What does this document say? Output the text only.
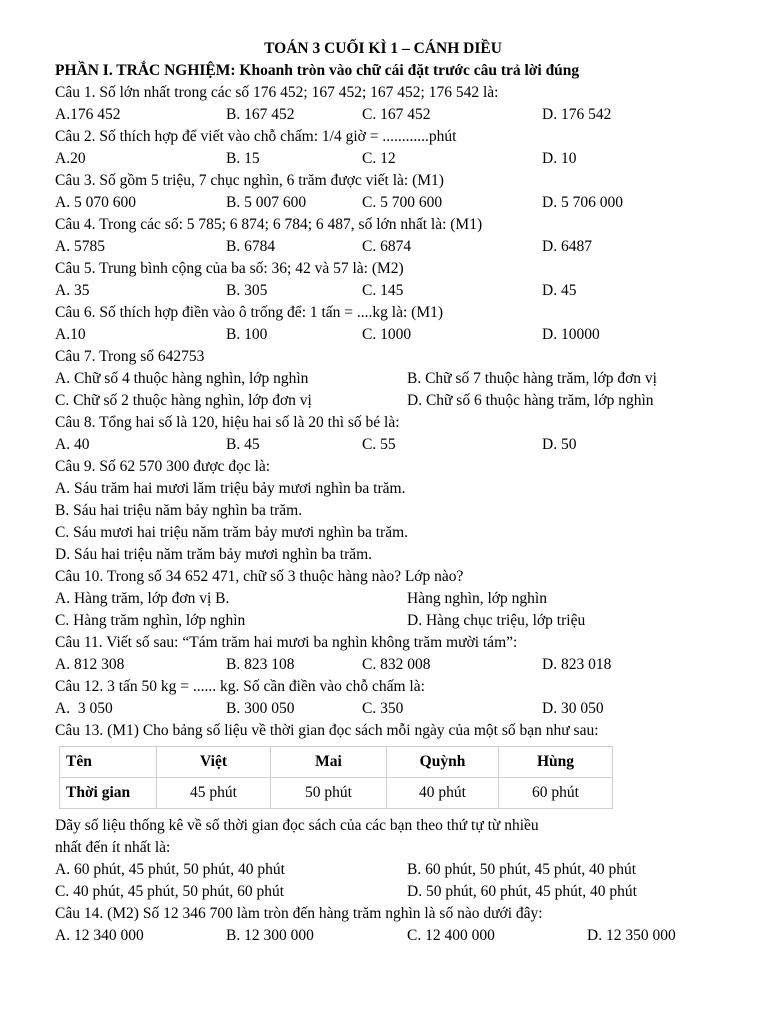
TOÁN 3 CUỐI KÌ 1 – CÁNH DIỀU
PHẦN I. TRẮC NGHIỆM: Khoanh tròn vào chữ cái đặt trước câu trả lời đúng
Câu 1. Số lớn nhất trong các số 176 452; 167 452; 167 452; 176 542 là:
A.176 452	B. 167 452	C. 167 452	D. 176 542
Câu 2. Số thích hợp để viết vào chỗ chấm: 1/4 giờ = ............phút
A.20	B. 15	C. 12	D. 10
Câu 3. Số gồm 5 triệu, 7 chục nghìn, 6 trăm được viết là: (M1)
A. 5 070 600	B. 5 007 600	C. 5 700 600	D. 5 706 000
Câu 4. Trong các số: 5 785; 6 874; 6 784; 6 487, số lớn nhất là: (M1)
A. 5785	B. 6784	C. 6874	D. 6487
Câu 5. Trung bình cộng của ba số: 36; 42 và 57 là: (M2)
A. 35	B. 305	C. 145	D. 45
Câu 6. Số thích hợp điền vào ô trống để: 1 tấn = ....kg là: (M1)
A.10	B. 100	C. 1000	D. 10000
Câu 7. Trong số 642753
A. Chữ số 4 thuộc hàng nghìn, lớp nghìn	B. Chữ số 7 thuộc hàng trăm, lớp đơn vị
C. Chữ số 2 thuộc hàng nghìn, lớp đơn vị	D. Chữ số 6 thuộc hàng trăm, lớp nghìn
Câu 8. Tổng hai số là 120, hiệu hai số là 20 thì số bé là:
A. 40	B. 45	C. 55	D. 50
Câu 9. Số 62 570 300 được đọc là:
A. Sáu trăm hai mươi lăm triệu bảy mươi nghìn ba trăm.
B. Sáu hai triệu năm bảy nghìn ba trăm.
C. Sáu mươi hai triệu năm trăm bảy mươi nghìn ba trăm.
D. Sáu hai triệu năm trăm bảy mươi nghìn ba trăm.
Câu 10. Trong số 34 652 471, chữ số 3 thuộc hàng nào? Lớp nào?
A. Hàng trăm, lớp đơn vị B.	Hàng nghìn, lớp nghìn
C. Hàng trăm nghìn, lớp nghìn	D. Hàng chục triệu, lớp triệu
Câu 11. Viết số sau: “Tám trăm hai mươi ba nghìn không trăm mười tám”:
A. 812 308	B. 823 108	C. 832 008	D. 823 018
Câu 12. 3 tấn 50 kg = ...... kg. Số cần điền vào chỗ chấm là:
A.  3 050	B. 300 050	C. 350	D. 30 050
Câu 13. (M1) Cho bảng số liệu về thời gian đọc sách mỗi ngày của một số bạn như sau:
Tên	Việt	Mai	Quỳnh	Hùng
Thời gian	45 phút	50 phút	40 phút	60 phút
Dãy số liệu thống kê về số thời gian đọc sách của các bạn theo thứ tự từ nhiều
nhất đến ít nhất là:
A. 60 phút, 45 phút, 50 phút, 40 phút	B. 60 phút, 50 phút, 45 phút, 40 phút
C. 40 phút, 45 phút, 50 phút, 60 phút	D. 50 phút, 60 phút, 45 phút, 40 phút
Câu 14. (M2) Số 12 346 700 làm tròn đến hàng trăm nghìn là số nào dưới đây:
A. 12 340 000	B. 12 300 000	C. 12 400 000	D. 12 350 000
